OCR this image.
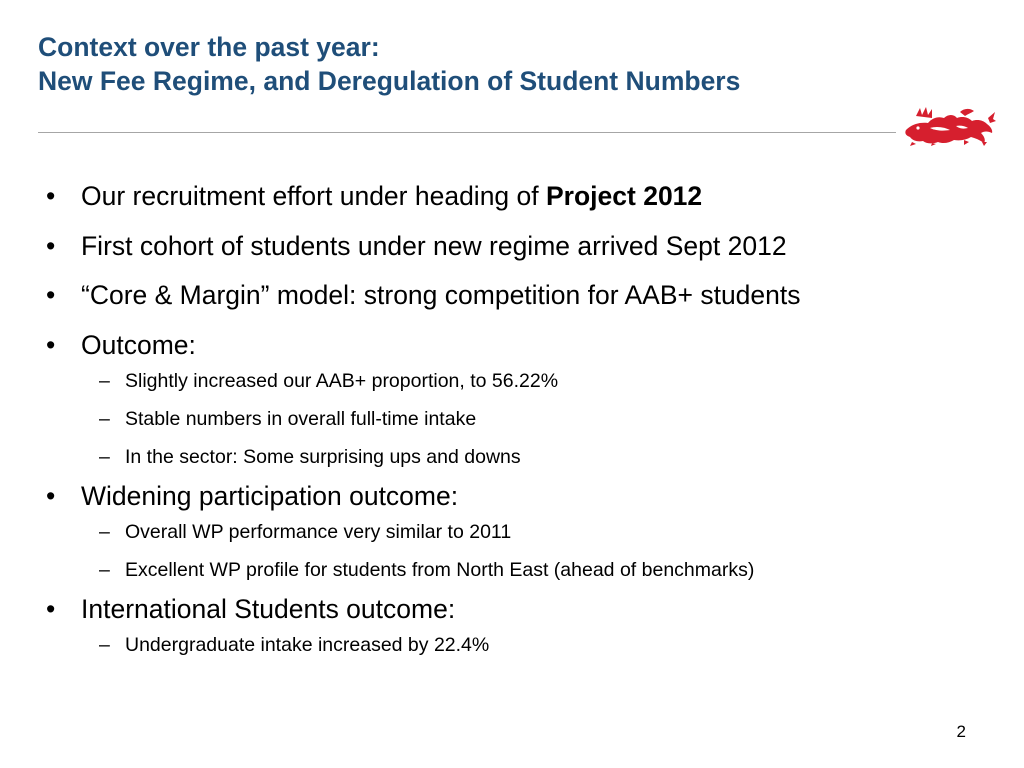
Context over the past year:
New Fee Regime, and Deregulation of Student Numbers
• Our recruitment effort under heading of Project 2012
• First cohort of students under new regime arrived Sept 2012
• “Core & Margin” model: strong competition for AAB+ students
• Outcome:
– Slightly increased our AAB+ proportion, to 56.22%
– Stable numbers in overall full-time intake
– In the sector: Some surprising ups and downs
• Widening participation outcome:
– Overall WP performance very similar to 2011
– Excellent WP profile for students from North East (ahead of benchmarks)
• International Students outcome:
– Undergraduate intake increased by 22.4%
2
